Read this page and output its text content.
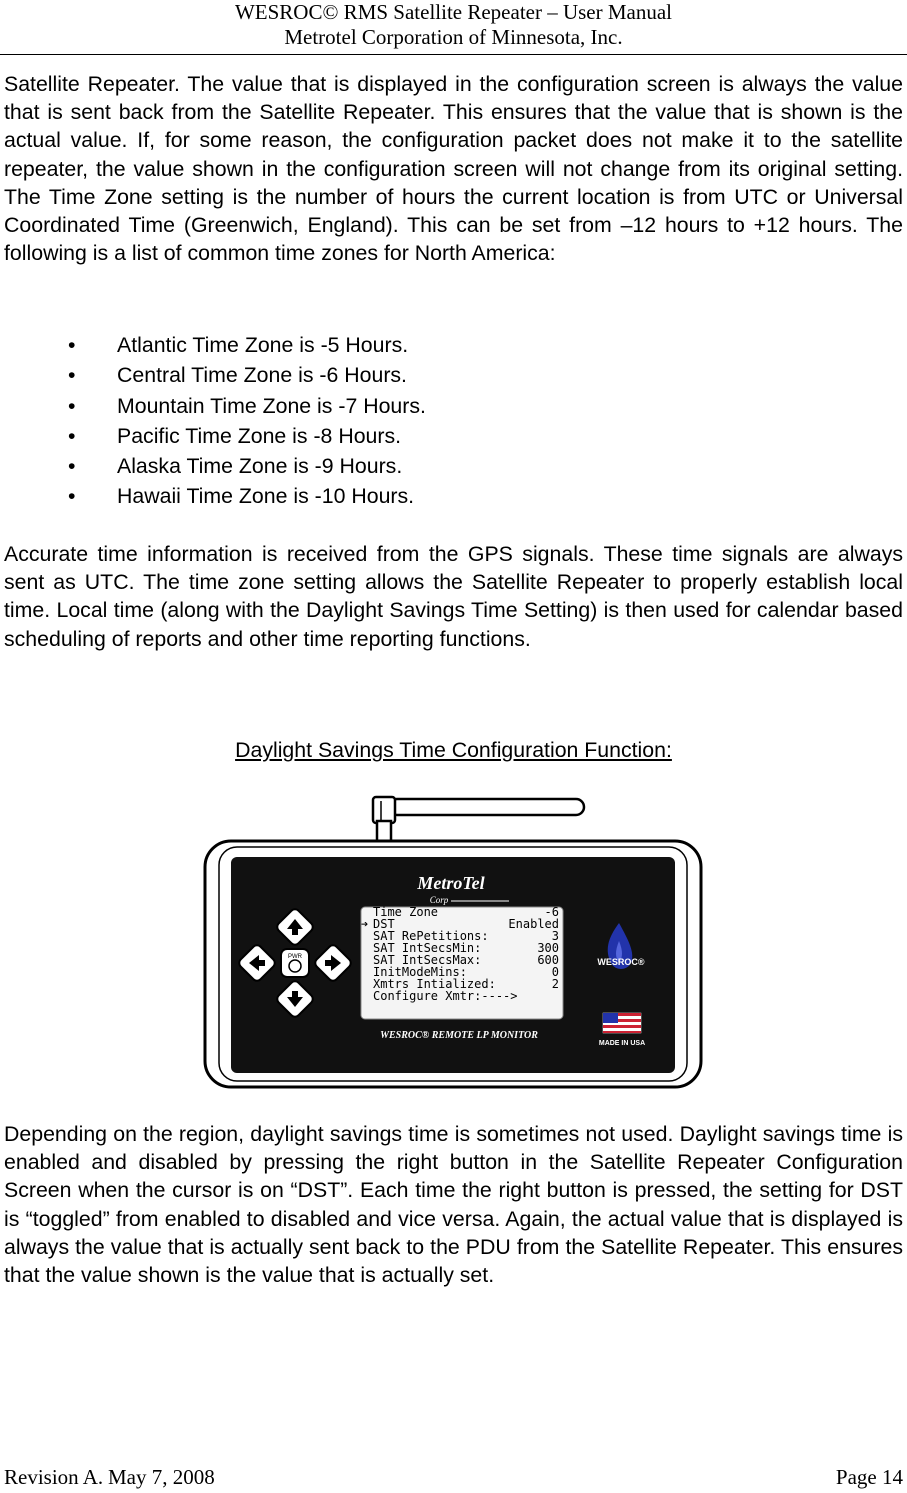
WESROC© RMS Satellite Repeater – User Manual
Metrotel Corporation of Minnesota, Inc.

Satellite Repeater. The value that is displayed in the configuration screen is always the value that is sent back from the Satellite Repeater. This ensures that the value that is shown is the actual value. If, for some reason, the configuration packet does not make it to the satellite repeater, the value shown in the configuration screen will not change from its original setting. The Time Zone setting is the number of hours the current location is from UTC or Universal Coordinated Time (Greenwich, England). This can be set from –12 hours to +12 hours. The following is a list of common time zones for North America:

• Atlantic Time Zone is -5 Hours.
• Central Time Zone is -6 Hours.
• Mountain Time Zone is -7 Hours.
• Pacific Time Zone is -8 Hours.
• Alaska Time Zone is -9 Hours.
• Hawaii Time Zone is -10 Hours.

Accurate time information is received from the GPS signals. These time signals are always sent as UTC. The time zone setting allows the Satellite Repeater to properly establish local time. Local time (along with the Daylight Savings Time Setting) is then used for calendar based scheduling of reports and other time reporting functions.

Daylight Savings Time Configuration Function:
MetroTel
Corp
PWR
➔
Time Zone	-6
DST	Enabled
SAT RePetitions:	3
SAT IntSecsMin:	300
SAT IntSecsMax:	600
InitModeMins:	0
Xmtrs Intialized:	2
Configure Xmtr:---->
WESROC®
MADE IN USA
WESROC® REMOTE LP MONITOR

Depending on the region, daylight savings time is sometimes not used. Daylight savings time is enabled and disabled by pressing the right button in the Satellite Repeater Configuration Screen when the cursor is on “DST”. Each time the right button is pressed, the setting for DST is “toggled” from enabled to disabled and vice versa. Again, the actual value that is displayed is always the value that is actually sent back to the PDU from the Satellite Repeater. This ensures that the value shown is the value that is actually set.

Revision A. May 7, 2008	Page 14
